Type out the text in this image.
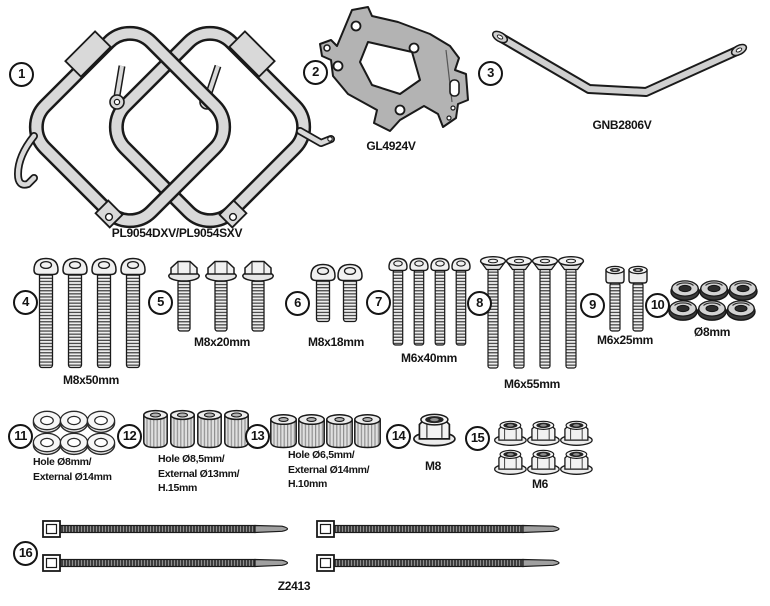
1	2	3
4	5	6	7	8	9	10
11	12	13	14	15
16
PL9054DXV/PL9054SXV
GL4924V
GNB2806V
M8x50mm
M8x20mm	M8x18mm
M6x40mm
M6x55mm
M6x25mm
Ø8mm
M8
M6
Z2413
Hole Ø8mm/
External Ø14mm
Hole Ø8,5mm/
External Ø13mm/
H.15mm
Hole Ø6,5mm/
External Ø14mm/
H.10mm
